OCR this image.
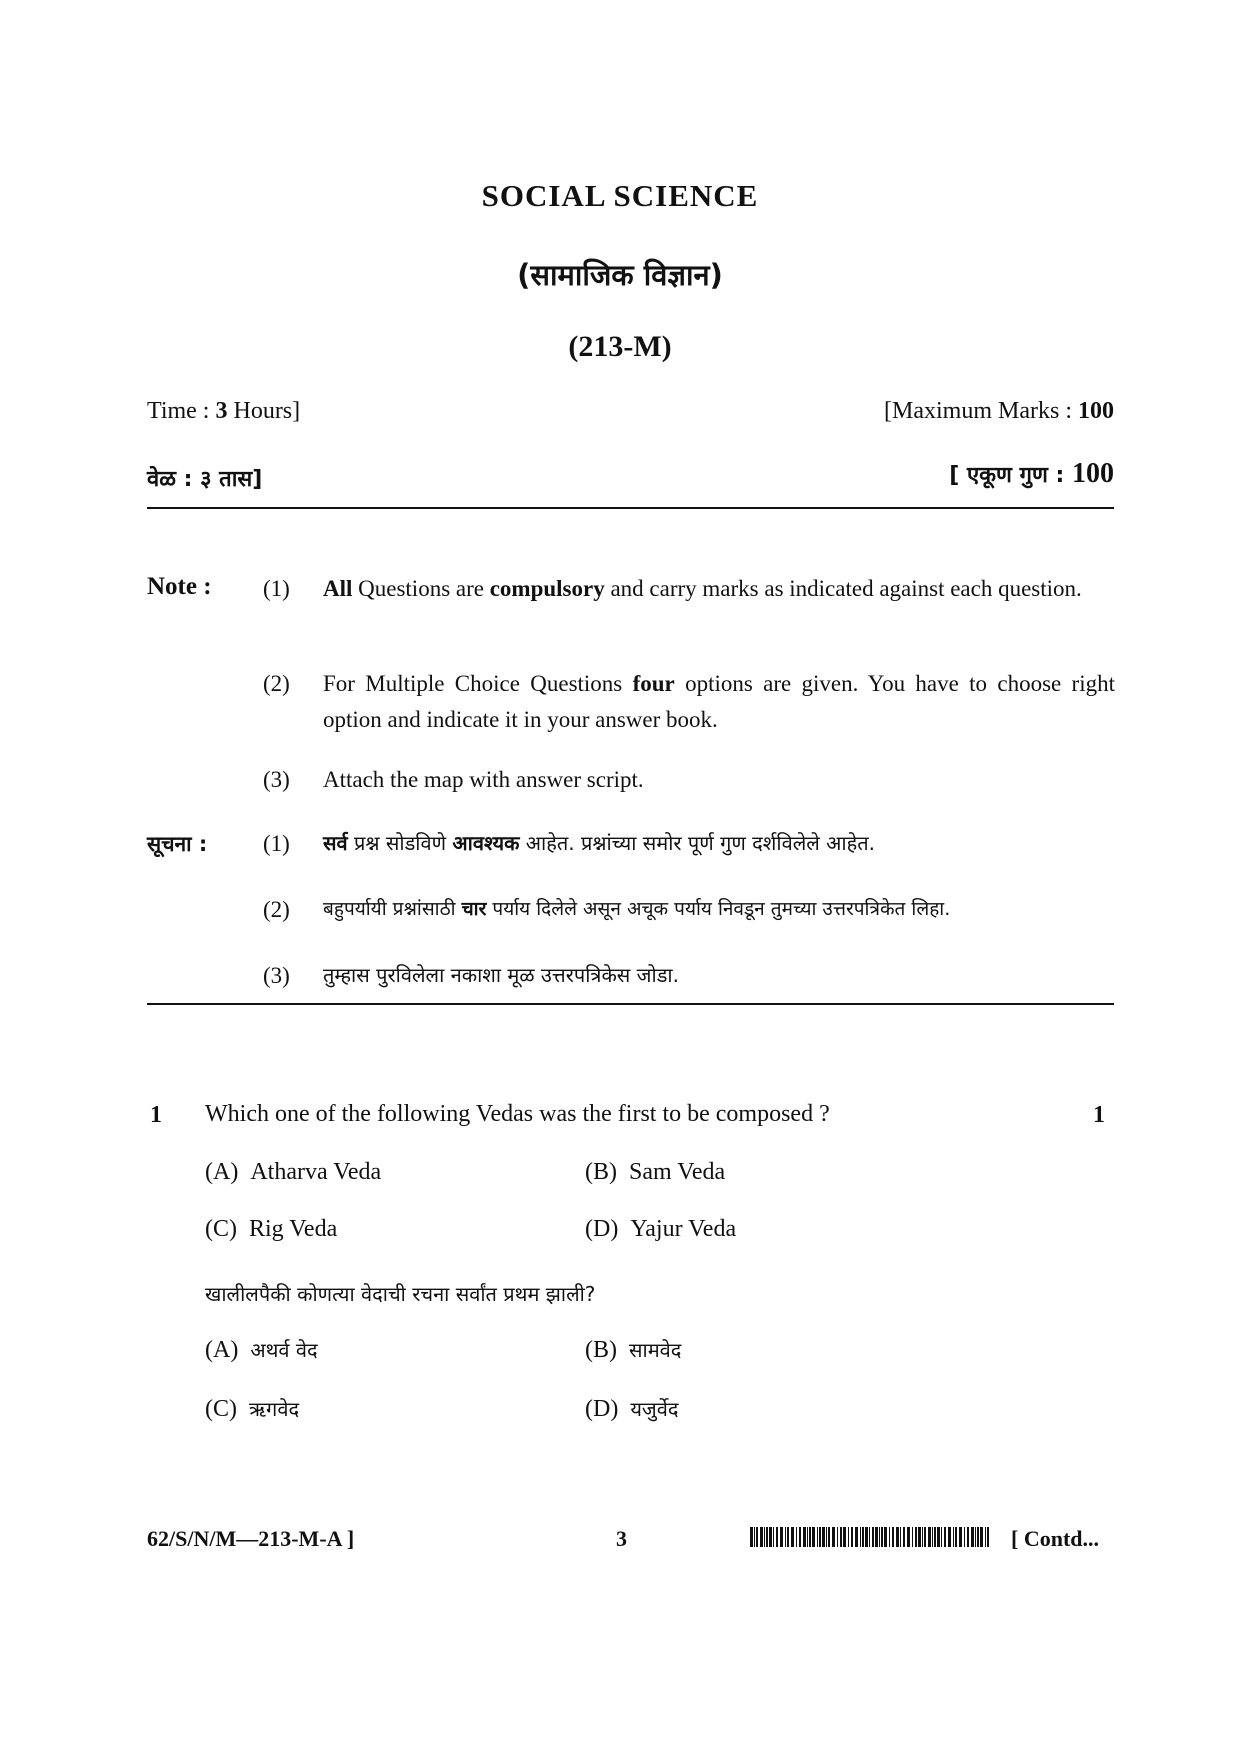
SOCIAL SCIENCE
(सामाजिक विज्ञान)
(213-M)
Time : 3 Hours]	[Maximum Marks : 100
वेळ : ३ तास]	[ एकूण गुण : 100
Note : (1) All Questions are compulsory and carry marks as indicated against each question.
(2) For Multiple Choice Questions four options are given. You have to choose right option and indicate it in your answer book.
(3) Attach the map with answer script.
सूचना : (1) सर्व प्रश्न सोडविणे आवश्यक आहेत. प्रश्नांच्या समोर पूर्ण गुण दर्शविलेले आहेत.
(2) बहुपर्यायी प्रश्नांसाठी चार पर्याय दिलेले असून अचूक पर्याय निवडून तुमच्या उत्तरपत्रिकेत लिहा.
(3) तुम्हास पुरविलेला नकाशा मूळ उत्तरपत्रिकेस जोडा.
1 Which one of the following Vedas was the first to be composed ?	1
(A) Atharva Veda	(B) Sam Veda
(C) Rig Veda	(D) Yajur Veda
खालीलपैकी कोणत्या वेदाची रचना सर्वांत प्रथम झाली?
(A) अथर्व वेद	(B) सामवेद
(C) ऋगवेद	(D) यजुर्वेद
62/S/N/M—213-M-A ]	3	[ Contd...
